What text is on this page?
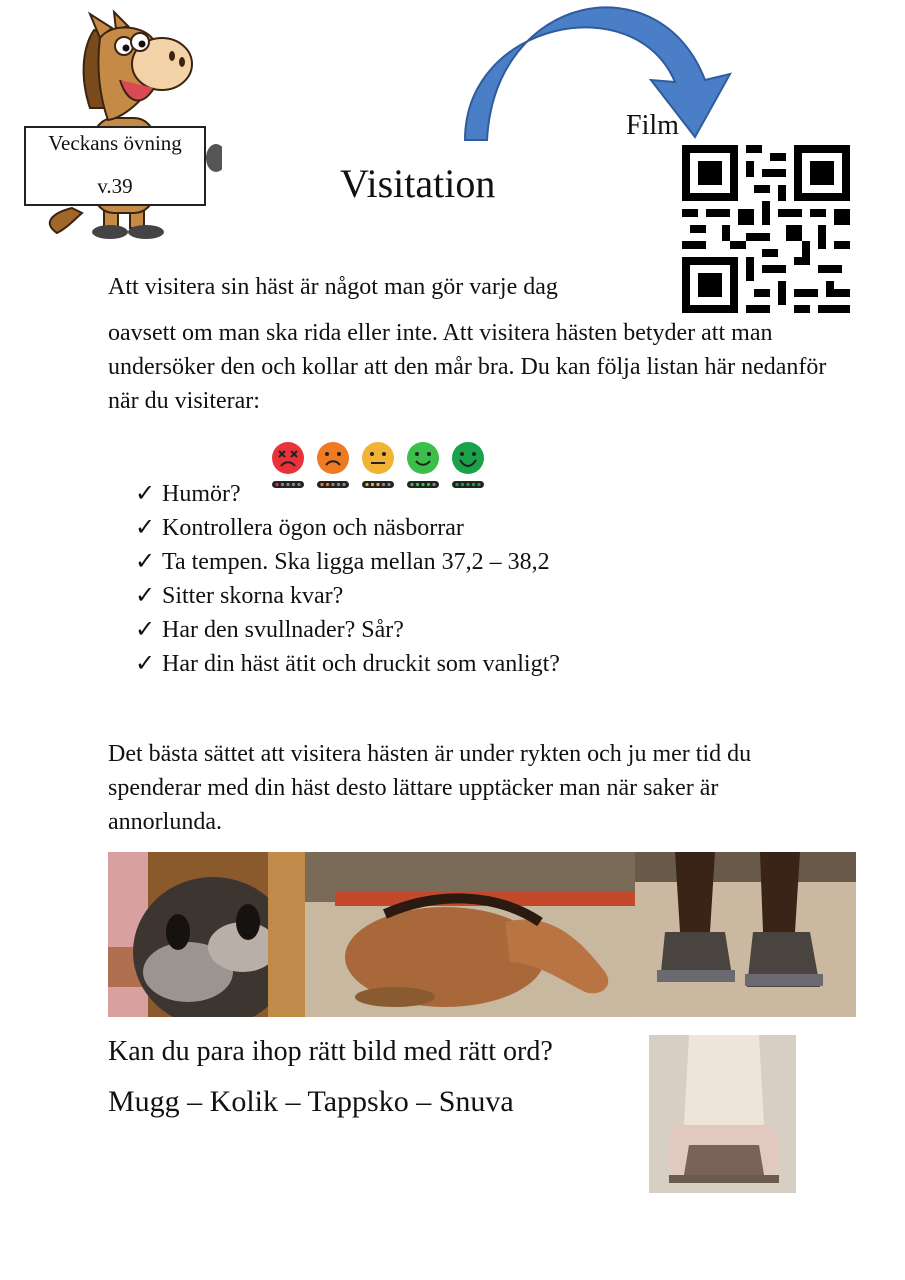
Veckans övning
v.39	Visitation
Film
Att visitera sin häst är något man gör varje dag
oavsett om man ska rida eller inte. Att visitera hästen betyder att man undersöker den och kollar att den mår bra. Du kan följa listan här nedanför när du visiterar:
✓ Humör?
✓ Kontrollera ögon och näsborrar
✓ Ta tempen. Ska ligga mellan 37,2 – 38,2
✓ Sitter skorna kvar?
✓ Har den svullnader? Sår?
✓ Har din häst ätit och druckit som vanligt?
Det bästa sättet att visitera hästen är under rykten och ju mer tid du spenderar med din häst desto lättare upptäcker man när saker är annorlunda.
Kan du para ihop rätt bild med rätt ord?
Mugg – Kolik – Tappsko – Snuva
